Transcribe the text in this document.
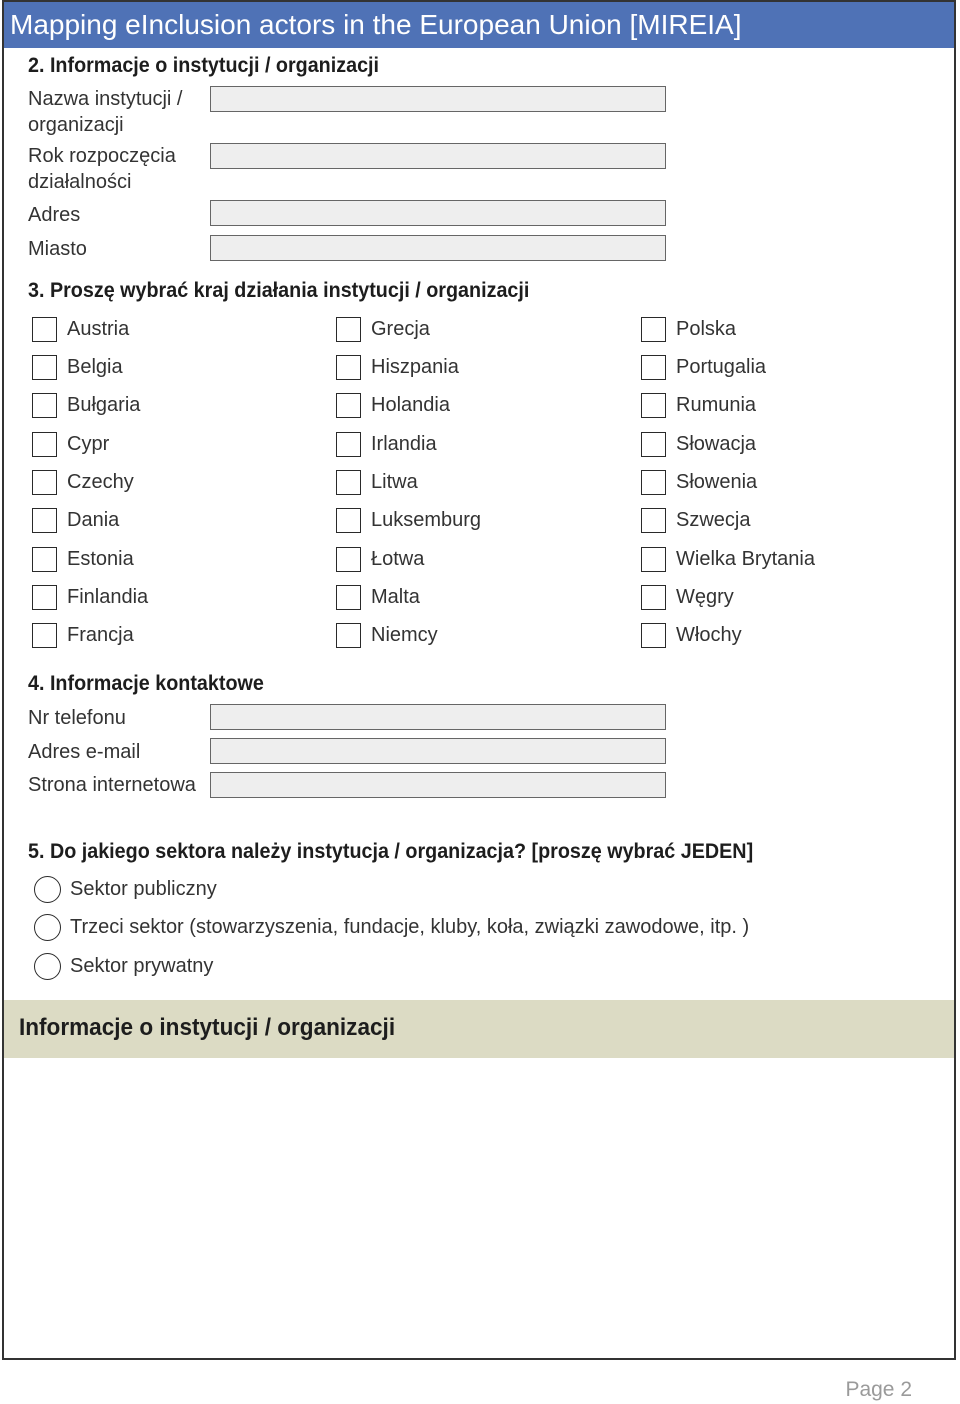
Mapping eInclusion actors in the European Union [MIREIA]
2. Informacje o instytucji / organizacji
Nazwa instytucji / organizacji
Rok rozpoczęcia działalności
Adres
Miasto
3. Proszę wybrać kraj działania instytucji / organizacji
Austria
Belgia
Bułgaria
Cypr
Czechy
Dania
Estonia
Finlandia
Francja
Grecja
Hiszpania
Holandia
Irlandia
Litwa
Luksemburg
Łotwa
Malta
Niemcy
Polska
Portugalia
Rumunia
Słowacja
Słowenia
Szwecja
Wielka Brytania
Węgry
Włochy
4. Informacje kontaktowe
Nr telefonu
Adres e-mail
Strona internetowa
5. Do jakiego sektora należy instytucja / organizacja? [proszę wybrać JEDEN]
Sektor publiczny
Trzeci sektor (stowarzyszenia, fundacje, kluby, koła, związki zawodowe, itp. )
Sektor prywatny
Informacje o instytucji / organizacji
Page 2
